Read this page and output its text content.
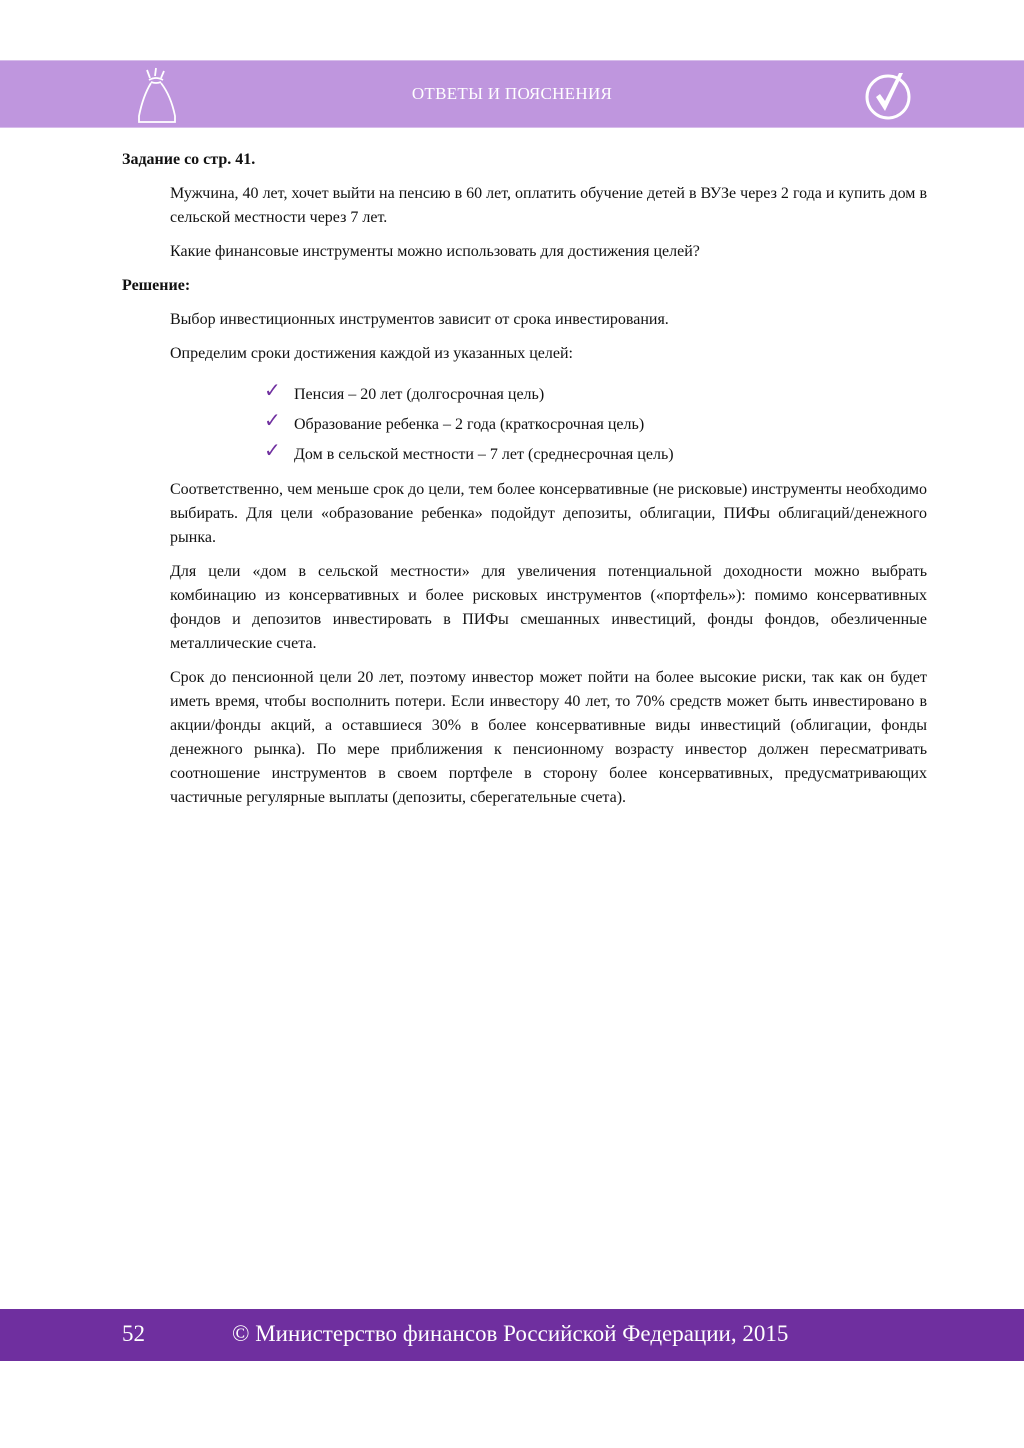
ОТВЕТЫ И ПОЯСНЕНИЯ

Задание со стр. 41.

Мужчина, 40 лет, хочет выйти на пенсию в 60 лет, оплатить обучение детей в ВУЗе через 2 года и купить дом в сельской местности через 7 лет.

Какие финансовые инструменты можно использовать для достижения целей?

Решение:

Выбор инвестиционных инструментов зависит от срока инвестирования.

Определим сроки достижения каждой из указанных целей:

✓ Пенсия – 20 лет (долгосрочная цель)
✓ Образование ребенка – 2 года (краткосрочная цель)
✓ Дом в сельской местности – 7 лет (среднесрочная цель)

Соответственно, чем меньше срок до цели, тем более консервативные (не рисковые) инструменты необходимо выбирать. Для цели «образование ребенка» подойдут депозиты, облигации, ПИФы облигаций/денежного рынка.

Для цели «дом в сельской местности» для увеличения потенциальной доходности можно выбрать комбинацию из консервативных и более рисковых инструментов («портфель»): помимо консервативных фондов и депозитов инвестировать в ПИФы смешанных инвестиций, фонды фондов, обезличенные металлические счета.

Срок до пенсионной цели 20 лет, поэтому инвестор может пойти на более высокие риски, так как он будет иметь время, чтобы восполнить потери. Если инвестору 40 лет, то 70% средств может быть инвестировано в акции/фонды акций, а оставшиеся 30% в более консервативные виды инвестиций (облигации, фонды денежного рынка). По мере приближения к пенсионному возрасту инвестор должен пересматривать соотношение инструментов в своем портфеле в сторону более консервативных, предусматривающих частичные регулярные выплаты (депозиты, сберегательные счета).

52	© Министерство финансов Российской Федерации, 2015
